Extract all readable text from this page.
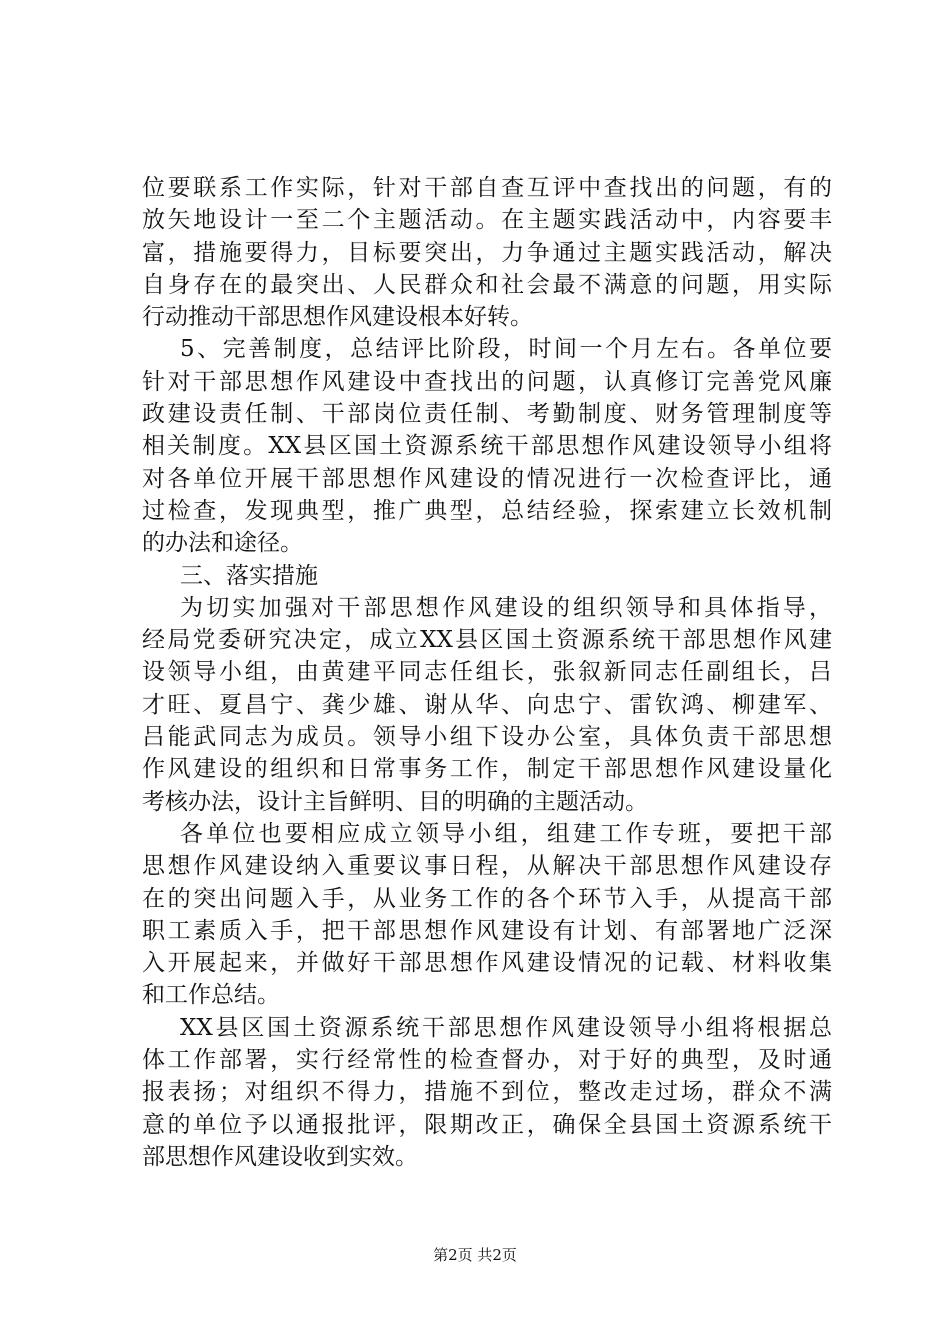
位要联系工作实际，针对干部自查互评中查找出的问题，有的
放矢地设计一至二个主题活动。在主题实践活动中，内容要丰
富，措施要得力，目标要突出，力争通过主题实践活动，解决
自身存在的最突出、人民群众和社会最不满意的问题，用实际
行动推动干部思想作风建设根本好转。
5、完善制度，总结评比阶段，时间一个月左右。各单位要
针对干部思想作风建设中查找出的问题，认真修订完善党风廉
政建设责任制、干部岗位责任制、考勤制度、财务管理制度等
相关制度。XX县区国土资源系统干部思想作风建设领导小组将
对各单位开展干部思想作风建设的情况进行一次检查评比，通
过检查，发现典型，推广典型，总结经验，探索建立长效机制
的办法和途径。
三、落实措施
为切实加强对干部思想作风建设的组织领导和具体指导，
经局党委研究决定，成立XX县区国土资源系统干部思想作风建
设领导小组，由黄建平同志任组长，张叙新同志任副组长，吕
才旺、夏昌宁、龚少雄、谢从华、向忠宁、雷钦鸿、柳建军、
吕能武同志为成员。领导小组下设办公室，具体负责干部思想
作风建设的组织和日常事务工作，制定干部思想作风建设量化
考核办法，设计主旨鲜明、目的明确的主题活动。
各单位也要相应成立领导小组，组建工作专班，要把干部
思想作风建设纳入重要议事日程，从解决干部思想作风建设存
在的突出问题入手，从业务工作的各个环节入手，从提高干部
职工素质入手，把干部思想作风建设有计划、有部署地广泛深
入开展起来，并做好干部思想作风建设情况的记载、材料收集
和工作总结。
XX县区国土资源系统干部思想作风建设领导小组将根据总
体工作部署，实行经常性的检查督办，对于好的典型，及时通
报表扬；对组织不得力，措施不到位，整改走过场，群众不满
意的单位予以通报批评，限期改正，确保全县国土资源系统干
部思想作风建设收到实效。
第2页 共2页
